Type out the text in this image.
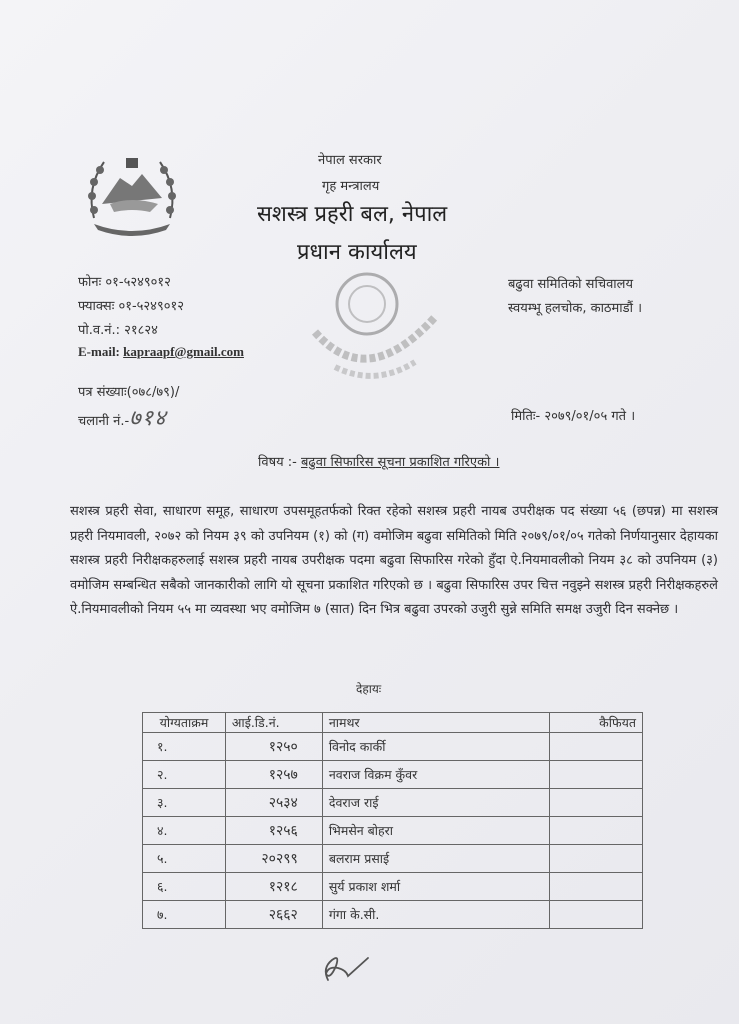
नेपाल सरकार
गृह मन्त्रालय
सशस्त्र प्रहरी बल, नेपाल
प्रधान कार्यालय
फोनः ०१-५२४९०१२
फ्याक्सः ०१-५२४९०१२
पो.व.नं.: २१८२४
E-mail: kapraapf@gmail.com
बढुवा समितिको सचिवालय
स्वयम्भू हलचोक, काठमाडौं ।
पत्र संख्याः(०७८/७९)/
चलानी नं.-७१४	मितिः- २०७९/०१/०५ गते ।
विषय :- बढुवा सिफारिस सूचना प्रकाशित गरिएको ।
सशस्त्र प्रहरी सेवा, साधारण समूह, साधारण उपसमूहतर्फको रिक्त रहेको सशस्त्र प्रहरी नायब उपरीक्षक पद संख्या ५६ (छपन्न) मा सशस्त्र प्रहरी नियमावली, २०७२ को नियम ३९ को उपनियम (१) को (ग) वमोजिम बढुवा समितिको मिति २०७९/०१/०५ गतेको निर्णयानुसार देहायका सशस्त्र प्रहरी निरीक्षकहरुलाई सशस्त्र प्रहरी नायब उपरीक्षक पदमा बढुवा सिफारिस गरेको हुँदा ऐ.नियमावलीको नियम ३८ को उपनियम (३) वमोजिम सम्बन्धित सबैको जानकारीको लागि यो सूचना प्रकाशित गरिएको छ । बढुवा सिफारिस उपर चित्त नवुझ्ने सशस्त्र प्रहरी निरीक्षकहरुले ऐ.नियमावलीको नियम ५५ मा व्यवस्था भए वमोजिम ७ (सात) दिन भित्र बढुवा उपरको उजुरी सुन्ने समिति समक्ष उजुरी दिन सक्नेछ ।
देहायः
योग्यताक्रम	आई.डि.नं.	नामथर	कैफियत
१.	१२५०	विनोद कार्की	
२.	१२५७	नवराज विक्रम कुँवर	
३.	२५३४	देवराज राई	
४.	१२५६	भिमसेन बोहरा	
५.	२०२९९	बलराम प्रसाई	
६.	१२१८	सुर्य प्रकाश शर्मा	
७.	२६६२	गंगा के.सी.	
